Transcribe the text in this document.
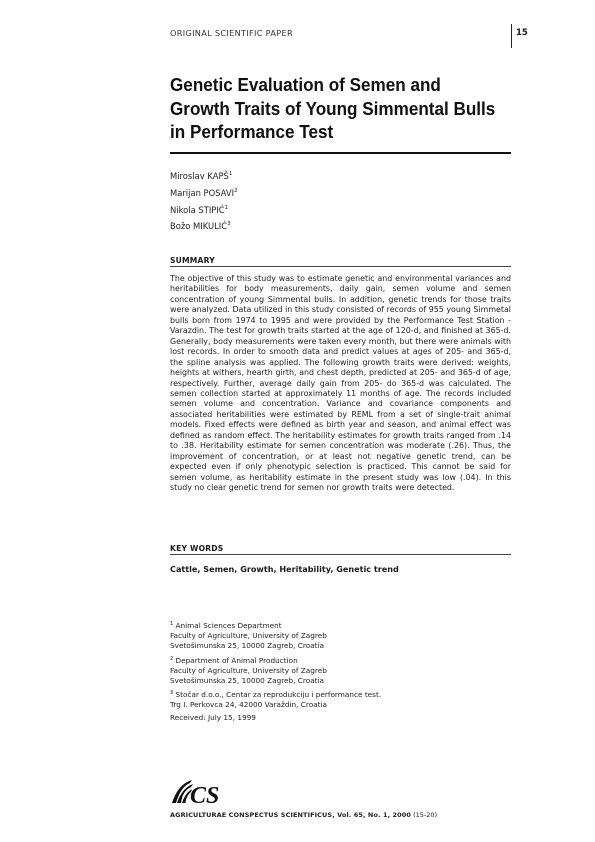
ORIGINAL SCIENTIFIC PAPER	15
Genetic Evaluation of Semen and
Growth Traits of Young Simmental Bulls
in Performance Test
Miroslav KAPŠ$^1$
Marijan POSAVI$^2$
Nikola STIPIĆ$^1$
Božo MIKULIĆ$^3$
SUMMARY
The objective of this study was to estimate genetic and environmental variances and heritabilities for body measurements, daily gain, semen volume and semen concentration of young Simmental bulls. In addition, genetic trends for those traits were analyzed. Data utilized in this study consisted of records of 955 young Simmetal bulls born from 1974 to 1995 and were provided by the Performance Test Station - Varazdin. The test for growth traits started at the age of 120-d, and finished at 365-d. Generally, body measurements were taken every month, but there were animals with lost records. In order to smooth data and predict values at ages of 205- and 365-d, the spline analysis was applied. The following growth traits were derived: weights, heights at withers, hearth girth, and chest depth, predicted at 205- and 365-d of age, respectively. Further, average daily gain from 205- do 365-d was calculated. The semen collection started at approximately 11 months of age. The records included semen volume and concentration. Variance and covariance components and associated heritabilities were estimated by REML from a set of single-trait animal models. Fixed effects were defined as birth year and season, and animal effect was defined as random effect. The heritability estimates for growth traits ranged from .14 to .38. Heritability estimate for semen concentration was moderate (.26). Thus, the improvement of concentration, or at least not negative genetic trend, can be expected even if only phenotypic selection is practiced. This cannot be said for semen volume, as heritability estimate in the present study was low (.04). In this study no clear genetic trend for semen nor growth traits were detected.
KEY WORDS
Cattle, Semen, Growth, Heritability, Genetic trend
$^1$ Animal Sciences Department
Faculty of Agriculture, University of Zagreb
Svetošimunska 25, 10000 Zagreb, Croatia
$^2$ Department of Animal Production
Faculty of Agriculture, University of Zagreb
Svetošimunska 25, 10000 Zagreb, Croatia
$^3$ Stočar d.o.o., Centar za reprodukciju i performance test.
Trg I. Perkovca 24, 42000 Varaždin, Croatia
Received: July 15, 1999
CS
AGRICULTURAE CONSPECTUS SCIENTIFICUS, Vol. 65, No. 1, 2000 (15-20)
